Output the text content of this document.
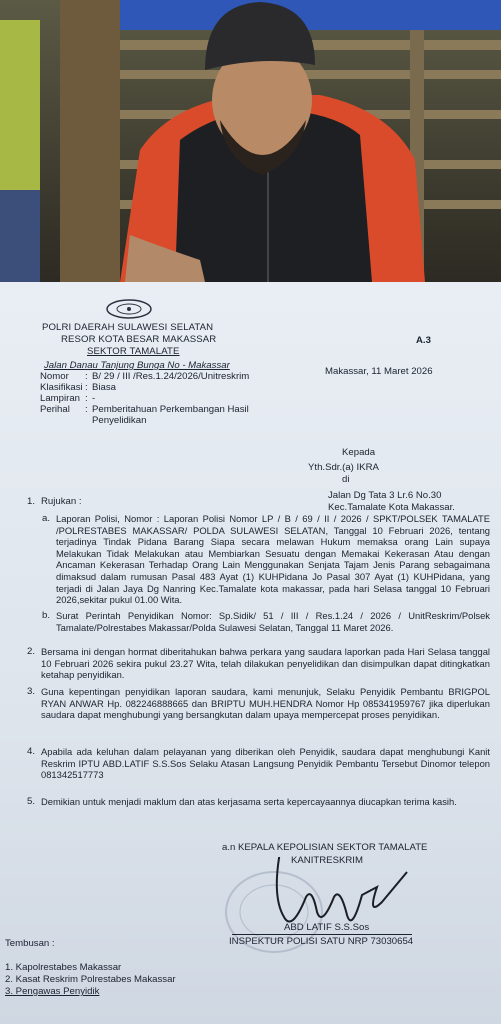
POLRI DAERAH SULAWESI SELATAN
RESOR KOTA BESAR MAKASSAR
SEKTOR TAMALATE
A.3
Jalan Danau Tanjung Bunga No - Makassar
Nomor : B/ 29 / III /Res.1.24/2026/Unitreskrim
Klasifikasi : Biasa
Lampiran : -
Perihal : Pemberitahuan Perkembangan Hasil
Penyelidikan
Makassar, 11 Maret 2026
Kepada
Yth.Sdr.(a) IKRA
di
Jalan Dg Tata 3 Lr.6 No.30
Kec.Tamalate Kota Makassar.
1. Rujukan :
a. Laporan Polisi, Nomor : Laporan Polisi Nomor LP / B / 69 / II / 2026 / SPKT/POLSEK TAMALATE /POLRESTABES MAKASSAR/ POLDA SULAWESI SELATAN, Tanggal 10 Februari 2026, tentang terjadinya Tindak Pidana Barang Siapa secara melawan Hukum memaksa orang Lain supaya Melakukan Tidak Melakukan atau Membiarkan Sesuatu dengan Memakai Kekerasan Atau dengan Ancaman Kekerasan Terhadap Orang Lain Menggunakan Senjata Tajam Jenis Parang sebagaimana dimaksud dalam rumusan Pasal 483 Ayat (1) KUHPidana Jo Pasal 307 Ayat (1) KUHPidana, yang terjadi di Jalan Jaya Dg Nanring Kec.Tamalate kota makassar, pada hari Selasa tanggal 10 Februari 2026,sekitar pukul 01.00 Wita.
b. Surat Perintah Penyidikan Nomor: Sp.Sidik/ 51 / III / Res.1.24 / 2026 / UnitReskrim/Polsek Tamalate/Polrestabes Makassar/Polda Sulawesi Selatan, Tanggal 11 Maret 2026.
2. Bersama ini dengan hormat diberitahukan bahwa perkara yang saudara laporkan pada Hari Selasa tanggal 10 Februari 2026 sekira pukul 23.27 Wita, telah dilakukan penyelidikan dan disimpulkan dapat ditingkatkan ketahap penyidikan.
3. Guna kepentingan penyidikan laporan saudara, kami menunjuk, Selaku Penyidik Pembantu BRIGPOL RYAN ANWAR Hp. 082246888665 dan BRIPTU MUH.HENDRA Nomor Hp 085341959767 jika diperlukan saudara dapat menghubungi yang bersangkutan dalam upaya mempercepat proses penyidikan.
4. Apabila ada keluhan dalam pelayanan yang diberikan oleh Penyidik, saudara dapat menghubungi Kanit Reskrim IPTU ABD.LATIF S.S.Sos Selaku Atasan Langsung Penyidik Pembantu Tersebut Dinomor telepon 081342517773
5. Demikian untuk menjadi maklum dan atas kerjasama serta kepercayaannya diucapkan terima kasih.
a.n KEPALA KEPOLISIAN SEKTOR TAMALATE
KANITRESKRIM
ABD LATIF S.S.Sos
INSPEKTUR POLISI SATU NRP 73030654
Tembusan :
1. Kapolrestabes Makassar
2. Kasat Reskrim Polrestabes Makassar
3. Pengawas Penyidik
